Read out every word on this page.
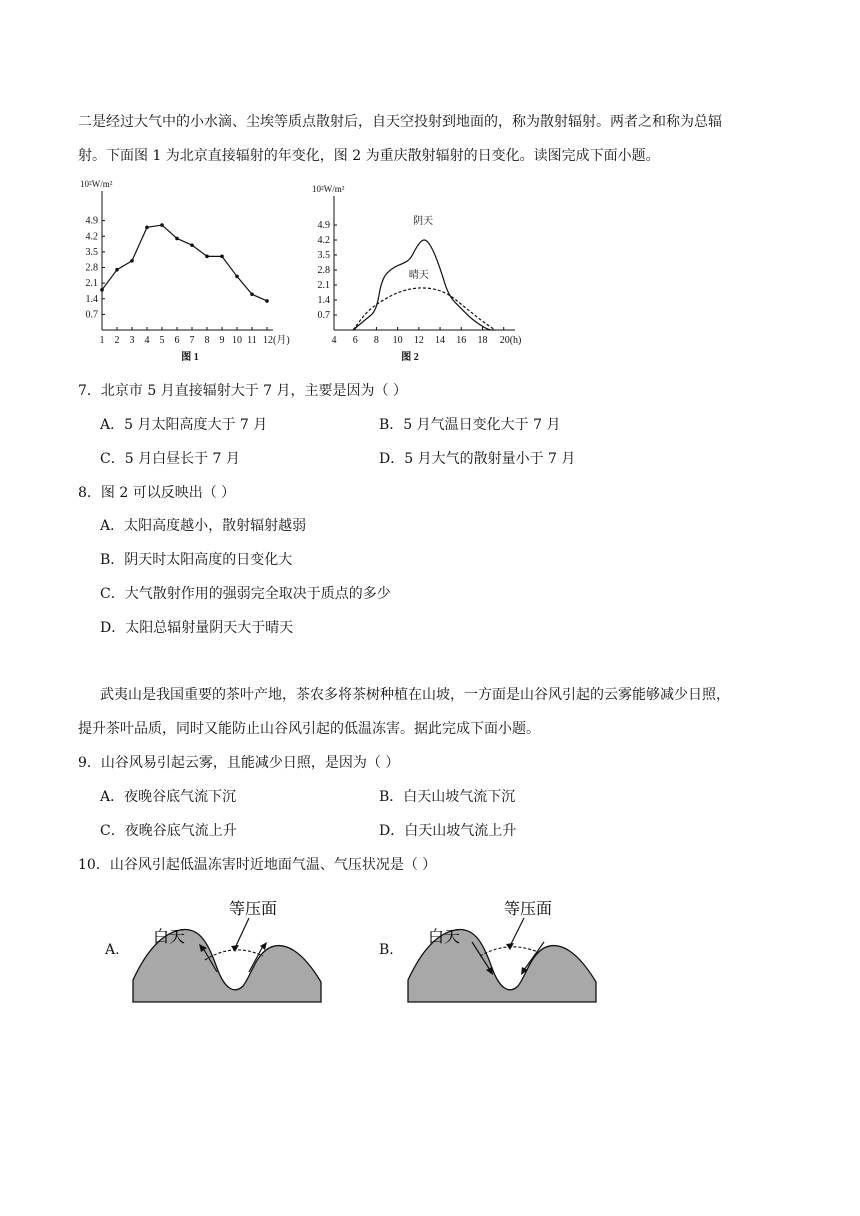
二是经过大气中的小水滴、尘埃等质点散射后，自天空投射到地面的，称为散射辐射。两者之和称为总辐
射。下面图 1 为北京直接辐射的年变化，图 2 为重庆散射辐射的日变化。读图完成下面小题。
10²W/m²
4.9
4.2
3.5
2.8
2.1
1.4
0.7
1 2 3 4 5 6 7 8 9 10 11 12(月)
图 1
10²W/m²
4.9
4.2
3.5
2.8
2.1
1.4
0.7
4 6 8 10 12 14 16 18 20(h)
图 2
阴天
晴天
7．北京市 5 月直接辐射大于 7 月，主要是因为（ ）
A．5 月太阳高度大于 7 月	B．5 月气温日变化大于 7 月
C．5 月白昼长于 7 月	D．5 月大气的散射量小于 7 月
8．图 2 可以反映出（ ）
A．太阳高度越小，散射辐射越弱
B．阴天时太阳高度的日变化大
C．大气散射作用的强弱完全取决于质点的多少
D．太阳总辐射量阴天大于晴天
武夷山是我国重要的茶叶产地，茶农多将茶树种植在山坡，一方面是山谷风引起的云雾能够减少日照，
提升茶叶品质，同时又能防止山谷风引起的低温冻害。据此完成下面小题。
9．山谷风易引起云雾，且能减少日照，是因为（ ）
A．夜晚谷底气流下沉	B．白天山坡气流下沉
C．夜晚谷底气流上升	D．白天山坡气流上升
10．山谷风引起低温冻害时近地面气温、气压状况是（ ）
A.
白天
等压面
B.
白天
等压面
